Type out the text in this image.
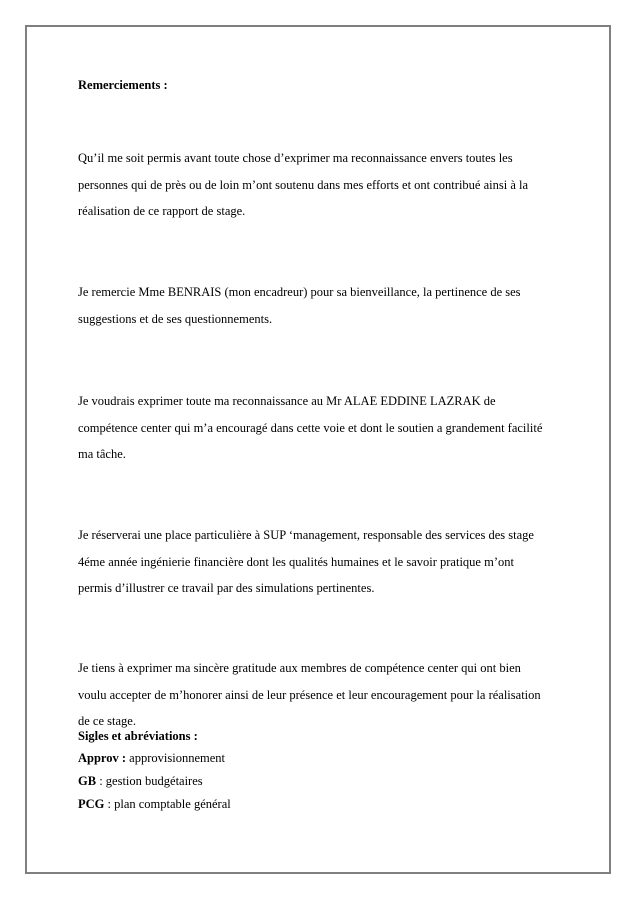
Remerciements :
Qu’il me soit permis avant toute chose d’exprimer ma reconnaissance envers toutes les
personnes qui de près ou de loin m’ont soutenu dans mes efforts et ont contribué ainsi à la
réalisation de ce rapport de stage.
Je remercie Mme BENRAIS (mon encadreur) pour sa bienveillance, la pertinence de ses
suggestions et de ses questionnements.
Je voudrais exprimer toute ma reconnaissance au Mr ALAE EDDINE LAZRAK de
compétence center qui m’a encouragé dans cette voie et dont le soutien a grandement facilité
ma tâche.
Je réserverai une place particulière à SUP ‘management, responsable des services des stage
4éme année ingénierie financière dont les qualités humaines et le savoir pratique m’ont
permis d’illustrer ce travail par des simulations pertinentes.
Je tiens à exprimer ma sincère gratitude aux membres de compétence center qui ont bien
voulu accepter de m’honorer ainsi de leur présence et leur encouragement pour la réalisation
de ce stage.
Sigles et abréviations :
Approv : approvisionnement
GB : gestion budgétaires
PCG : plan comptable général
